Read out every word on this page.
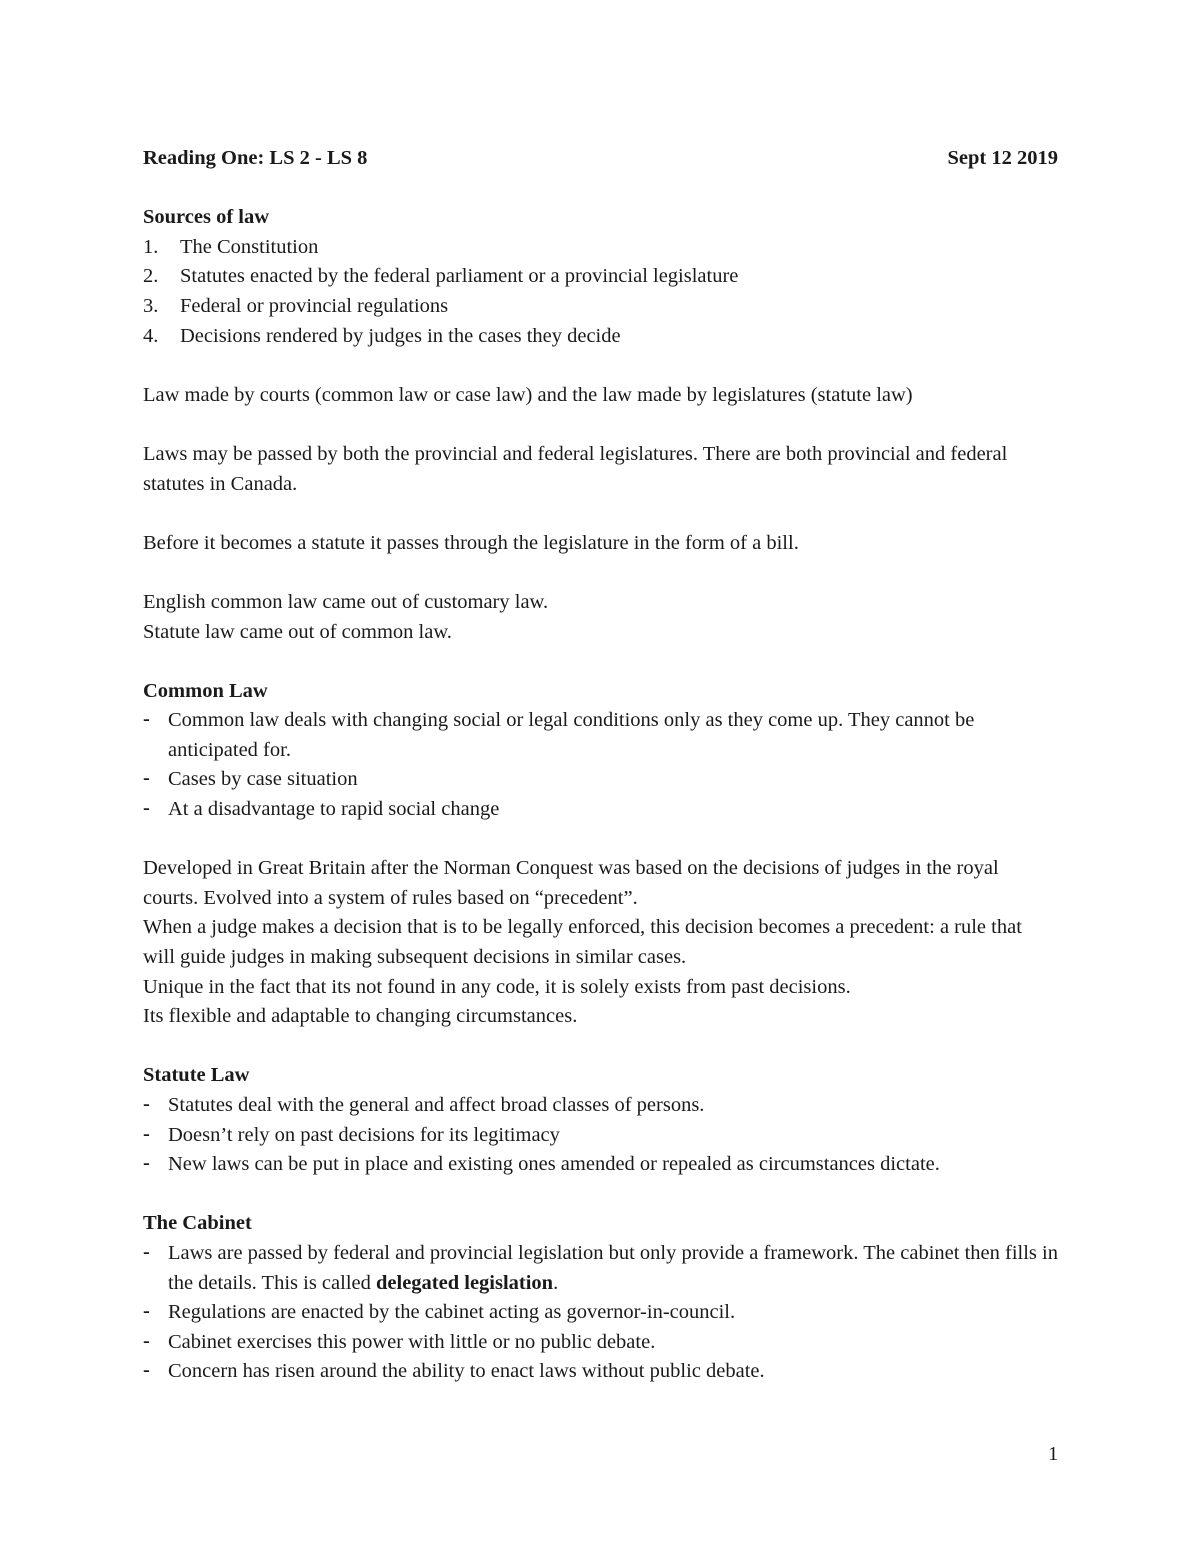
Reading One: LS 2 - LS 8	Sept 12 2019
Sources of law
1. The Constitution
2. Statutes enacted by the federal parliament or a provincial legislature
3. Federal or provincial regulations
4. Decisions rendered by judges in the cases they decide

Law made by courts (common law or case law) and the law made by legislatures (statute law)

Laws may be passed by both the provincial and federal legislatures. There are both provincial and federal statutes in Canada.

Before it becomes a statute it passes through the legislature in the form of a bill.

English common law came out of customary law.

Statute law came out of common law.

Common Law
- Common law deals with changing social or legal conditions only as they come up. They cannot be anticipated for.
- Cases by case situation
- At a disadvantage to rapid social change

Developed in Great Britain after the Norman Conquest was based on the decisions of judges in the royal courts. Evolved into a system of rules based on “precedent”.

When a judge makes a decision that is to be legally enforced, this decision becomes a precedent: a rule that will guide judges in making subsequent decisions in similar cases.

Unique in the fact that its not found in any code, it is solely exists from past decisions.

Its flexible and adaptable to changing circumstances.

Statute Law
- Statutes deal with the general and affect broad classes of persons.
- Doesn’t rely on past decisions for its legitimacy
- New laws can be put in place and existing ones amended or repealed as circumstances dictate.
The Cabinet
- Laws are passed by federal and provincial legislation but only provide a framework. The cabinet then fills in the details. This is called delegated legislation.
- Regulations are enacted by the cabinet acting as governor-in-council.
- Cabinet exercises this power with little or no public debate.
- Concern has risen around the ability to enact laws without public debate.
1
